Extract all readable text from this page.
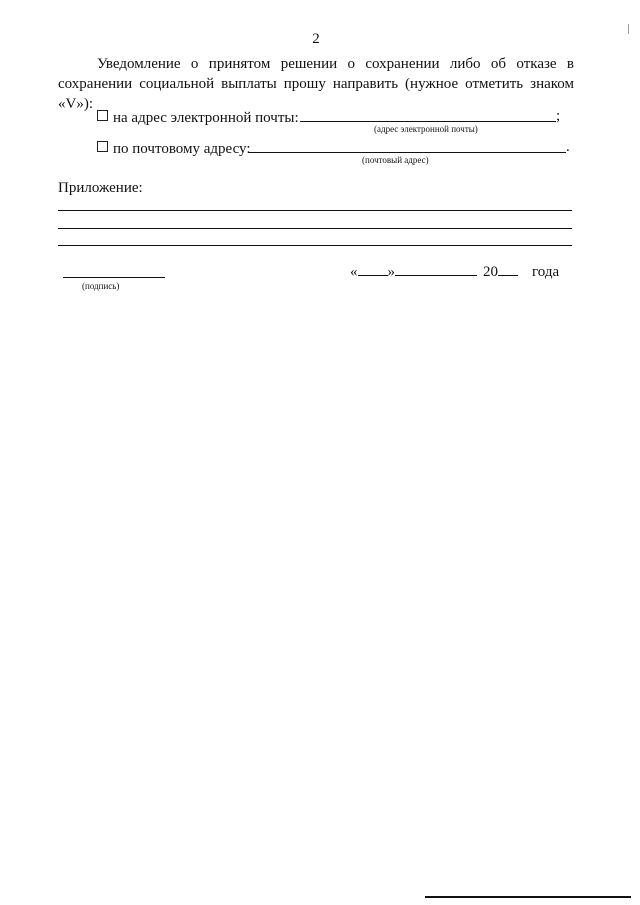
2
Уведомление о принятом решении о сохранении либо об отказе в сохранении социальной выплаты прошу направить (нужное отметить знаком «V»):
на адрес электронной почты:	;
(адрес электронной почты)
по почтовому адресу:	.
(почтовый адрес)
Приложение:
(подпись)
« »	20 года
